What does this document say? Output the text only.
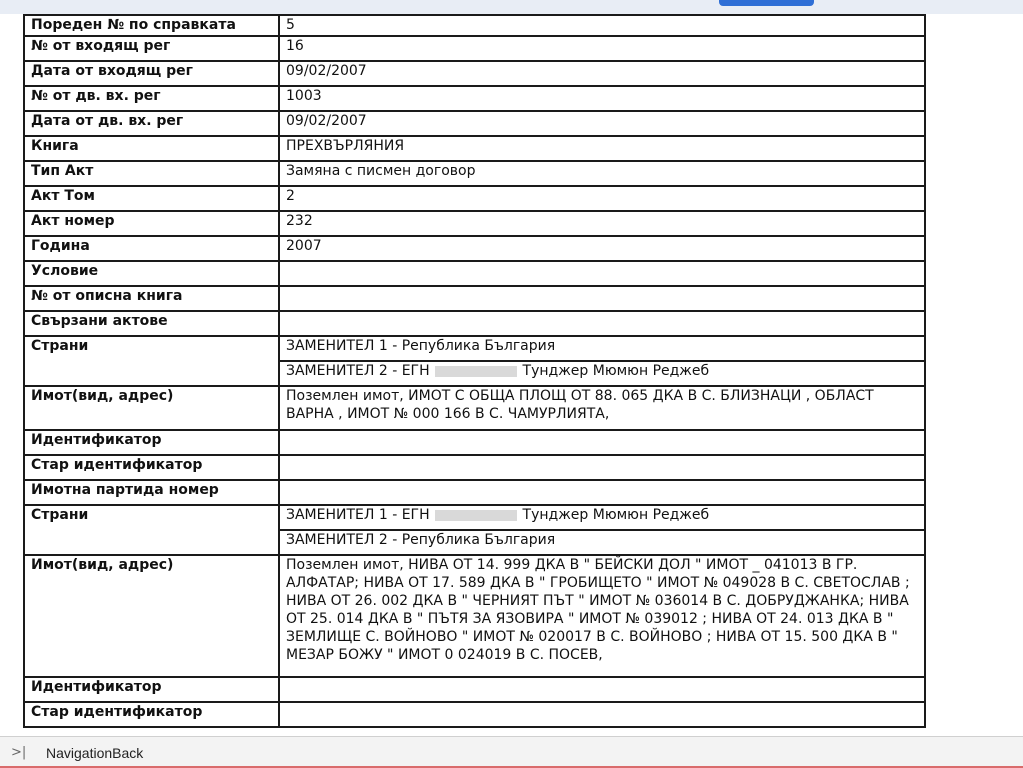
Пореден № по справката	5
№ от входящ рег	16
Дата от входящ рег	09/02/2007
№ от дв. вх. рег	1003
Дата от дв. вх. рег	09/02/2007
Книга	ПРЕХВЪРЛЯНИЯ
Тип Акт	Замяна с писмен договор
Акт Том	2
Акт номер	232
Година	2007
Условие	
№ от описна книга	
Свързани актове	
Страни	ЗАМЕНИТЕЛ 1 - Република България
	ЗАМЕНИТЕЛ 2 - ЕГН Тунджер Мюмюн Реджеб
Имот(вид, адрес)	Поземлен имот, ИМОТ С ОБЩА ПЛОЩ ОТ 88. 065 ДКА В С. БЛИЗНАЦИ , ОБЛАСТ ВАРНА , ИМОТ № 000 166 В С. ЧАМУРЛИЯТА,
Идентификатор	
Стар идентификатор	
Имотна партида номер	
Страни	ЗАМЕНИТЕЛ 1 - ЕГН Тунджер Мюмюн Реджеб
	ЗАМЕНИТЕЛ 2 - Република България
Имот(вид, адрес)	Поземлен имот, НИВА ОТ 14. 999 ДКА В " БЕЙСКИ ДОЛ " ИМОТ _ 041013 В ГР. АЛФАТАР; НИВА ОТ 17. 589 ДКА В " ГРОБИЩЕТО " ИМОТ № 049028 В С. СВЕТОСЛАВ ; НИВА ОТ 26. 002 ДКА В " ЧЕРНИЯТ ПЪТ " ИМОТ № 036014 В С. ДОБРУДЖАНКА; НИВА ОТ 25. 014 ДКА В " ПЪТЯ ЗА ЯЗОВИРА " ИМОТ № 039012 ; НИВА ОТ 24. 013 ДКА В " ЗЕМЛИЩЕ С. ВОЙНОВО " ИМОТ № 020017 В С. ВОЙНОВО ; НИВА ОТ 15. 500 ДКА В " МЕЗАР БОЖУ " ИМОТ 0 024019 В С. ПОСЕВ,
Идентификатор	
Стар идентификатор	
>| NavigationBack
